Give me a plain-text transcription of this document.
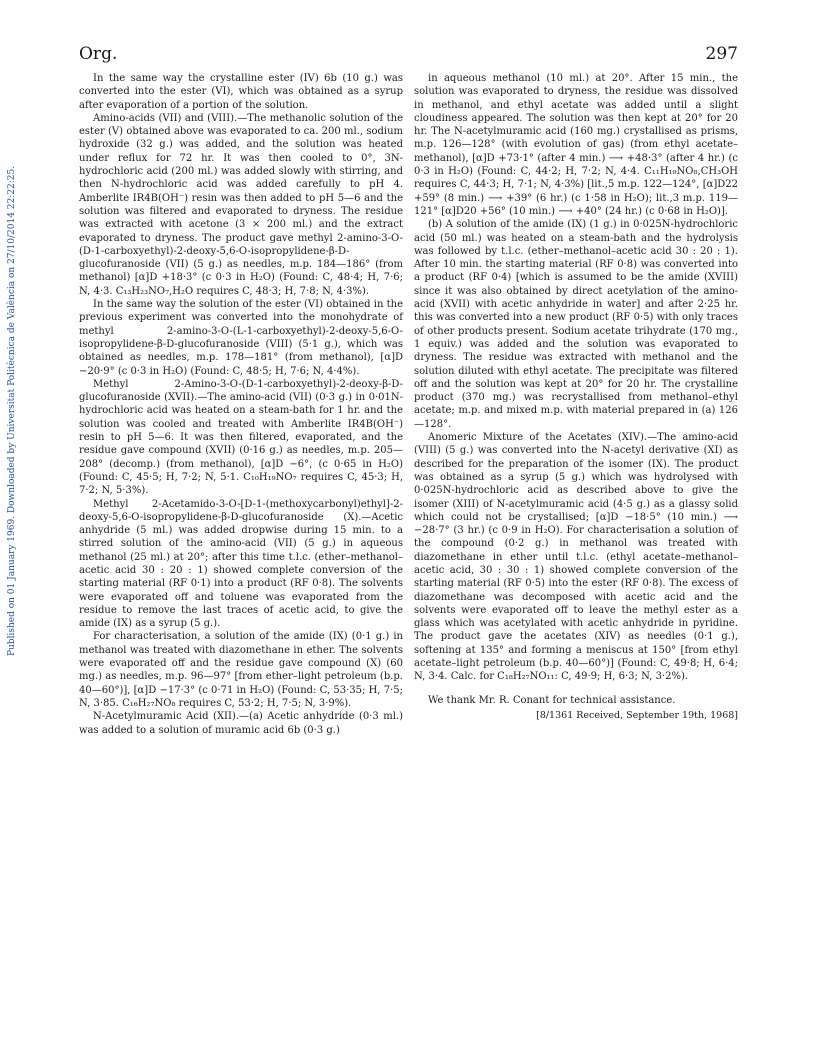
Published on 01 January 1969. Downloaded by Universitat Politècnica de València on 27/10/2014 22:22:25.
Org.	297

In the same way the crystalline ester (IV) 6b (10 g.) was converted into the ester (VI), which was obtained as a syrup after evaporation of a portion of the solution.

Amino-acids (VII) and (VIII).—The methanolic solution of the ester (V) obtained above was evaporated to ca. 200 ml., sodium hydroxide (32 g.) was added, and the solution was heated under reflux for 72 hr. It was then cooled to 0°, 3N-hydrochloric acid (200 ml.) was added slowly with stirring, and then N-hydrochloric acid was added carefully to pH 4. Amberlite IR4B(OH⁻) resin was then added to pH 5—6 and the solution was filtered and evaporated to dryness. The residue was extracted with acetone (3 × 200 ml.) and the extract evaporated to dryness. The product gave methyl 2-amino-3-O-(D-1-carboxyethyl)-2-deoxy-5,6-O-isopropylidene-β-D-glucofuranoside (VII) (5 g.) as needles, m.p. 184—186° (from methanol) [α]D +18·3° (c 0·3 in H₂O) (Found: C, 48·4; H, 7·6; N, 4·3. C₁₃H₂₃NO₇,H₂O requires C, 48·3; H, 7·8; N, 4·3%).

In the same way the solution of the ester (VI) obtained in the previous experiment was converted into the monohydrate of methyl 2-amino-3-O-(L-1-carboxyethyl)-2-deoxy-5,6-O-isopropylidene-β-D-glucofuranoside (VIII) (5·1 g.), which was obtained as needles, m.p. 178—181° (from methanol), [α]D −20·9° (c 0·3 in H₂O) (Found: C, 48·5; H, 7·6; N, 4·4%).

Methyl 2-Amino-3-O-(D-1-carboxyethyl)-2-deoxy-β-D-glucofuranoside (XVII).—The amino-acid (VII) (0·3 g.) in 0·01N-hydrochloric acid was heated on a steam-bath for 1 hr. and the solution was cooled and treated with Amberlite IR4B(OH⁻) resin to pH 5—6. It was then filtered, evaporated, and the residue gave compound (XVII) (0·16 g.) as needles, m.p. 205—208° (decomp.) (from methanol), [α]D −6°, (c 0·65 in H₂O) (Found: C, 45·5; H, 7·2; N, 5·1. C₁₀H₁₉NO₇ requires C, 45·3; H, 7·2; N, 5·3%).

Methyl 2-Acetamido-3-O-[D-1-(methoxycarbonyl)ethyl]-2-deoxy-5,6-O-isopropylidene-β-D-glucofuranoside (X).—Acetic anhydride (5 ml.) was added dropwise during 15 min. to a stirred solution of the amino-acid (VII) (5 g.) in aqueous methanol (25 ml.) at 20°; after this time t.l.c. (ether–methanol–acetic acid 30 : 20 : 1) showed complete conversion of the starting material (RF 0·1) into a product (RF 0·8). The solvents were evaporated off and toluene was evaporated from the residue to remove the last traces of acetic acid, to give the amide (IX) as a syrup (5 g.).

For characterisation, a solution of the amide (IX) (0·1 g.) in methanol was treated with diazomethane in ether. The solvents were evaporated off and the residue gave compound (X) (60 mg.) as needles, m.p. 96—97° [from ether–light petroleum (b.p. 40—60°)], [α]D −17·3° (c 0·71 in H₂O) (Found: C, 53·35; H, 7·5; N, 3·85. C₁₆H₂₇NO₈ requires C, 53·2; H, 7·5; N, 3·9%).

N-Acetylmuramic Acid (XII).—(a) Acetic anhydride (0·3 ml.) was added to a solution of muramic acid 6b (0·3 g.)

in aqueous methanol (10 ml.) at 20°. After 15 min., the solution was evaporated to dryness, the residue was dissolved in methanol, and ethyl acetate was added until a slight cloudiness appeared. The solution was then kept at 20° for 20 hr. The N-acetylmuramic acid (160 mg.) crystallised as prisms, m.p. 126—128° (with evolution of gas) (from ethyl acetate–methanol), [α]D +73·1° (after 4 min.) ⟶ +48·3° (after 4 hr.) (c 0·3 in H₂O) (Found: C, 44·2; H, 7·2; N, 4·4. C₁₁H₁₉NO₈,CH₃OH requires C, 44·3; H, 7·1; N, 4·3%) [lit.,5 m.p. 122—124°, [α]D22 +59° (8 min.) ⟶ +39° (6 hr.) (c 1·58 in H₂O); lit.,3 m.p. 119—121° [α]D20 +56° (10 min.) ⟶ +40° (24 hr.) (c 0·68 in H₂O)].

(b) A solution of the amide (IX) (1 g.) in 0·025N-hydrochloric acid (50 ml.) was heated on a steam-bath and the hydrolysis was followed by t.l.c. (ether–methanol–acetic acid 30 : 20 : 1). After 10 min. the starting material (RF 0·8) was converted into a product (RF 0·4) [which is assumed to be the amide (XVIII) since it was also obtained by direct acetylation of the amino-acid (XVII) with acetic anhydride in water] and after 2·25 hr. this was converted into a new product (RF 0·5) with only traces of other products present. Sodium acetate trihydrate (170 mg., 1 equiv.) was added and the solution was evaporated to dryness. The residue was extracted with methanol and the solution diluted with ethyl acetate. The precipitate was filtered off and the solution was kept at 20° for 20 hr. The crystalline product (370 mg.) was recrystallised from methanol–ethyl acetate; m.p. and mixed m.p. with material prepared in (a) 126—128°.

Anomeric Mixture of the Acetates (XIV).—The amino-acid (VIII) (5 g.) was converted into the N-acetyl derivative (XI) as described for the preparation of the isomer (IX). The product was obtained as a syrup (5 g.) which was hydrolysed with 0·025N-hydrochloric acid as described above to give the isomer (XIII) of N-acetylmuramic acid (4·5 g.) as a glassy solid which could not be crystallised; [α]D −18·5° (10 min.) ⟶ −28·7° (3 hr.) (c 0·9 in H₂O). For characterisation a solution of the compound (0·2 g.) in methanol was treated with diazomethane in ether until t.l.c. (ethyl acetate–methanol–acetic acid, 30 : 30 : 1) showed complete conversion of the starting material (RF 0·5) into the ester (RF 0·8). The excess of diazomethane was decomposed with acetic acid and the solvents were evaporated off to leave the methyl ester as a glass which was acetylated with acetic anhydride in pyridine. The product gave the acetates (XIV) as needles (0·1 g.), softening at 135° and forming a meniscus at 150° [from ethyl acetate–light petroleum (b.p. 40—60°)] (Found: C, 49·8; H, 6·4; N, 3·4. Calc. for C₁₈H₂₇NO₁₁: C, 49·9; H, 6·3; N, 3·2%).

We thank Mr. R. Conant for technical assistance.

[8/1361 Received, September 19th, 1968]
